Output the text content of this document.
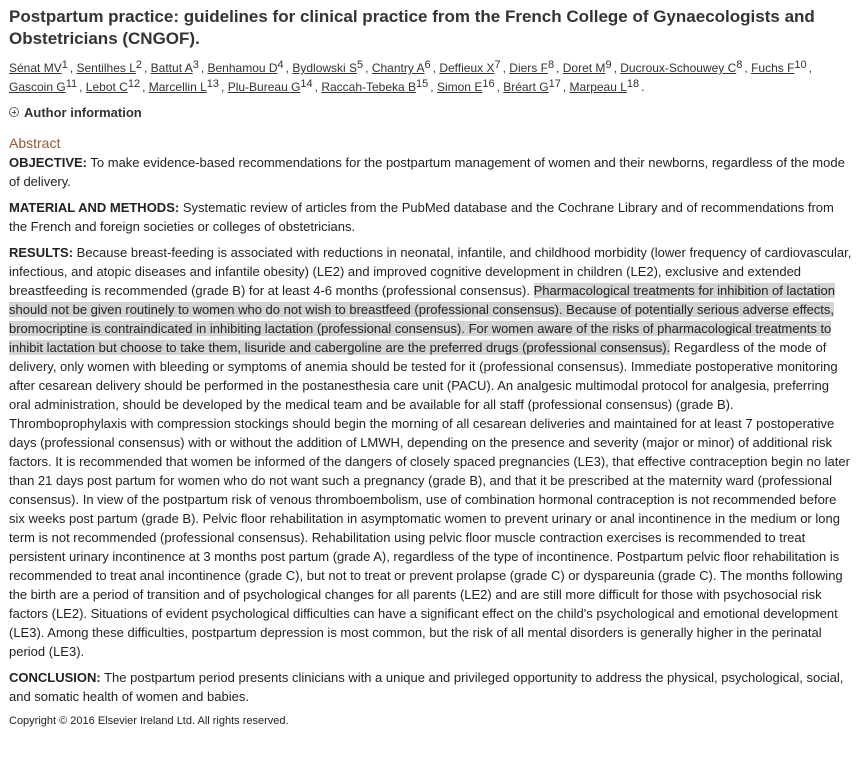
Postpartum practice: guidelines for clinical practice from the French College of Gynaecologists and Obstetricians (CNGOF).
Sénat $MV^1$ , Sentilhes $L^2$ , Battut $A^3$ , Benhamou $D^4$ , Bydlowski $S^5$ , Chantry $A^6$ , Deffieux $X^7$ , Diers $F^8$ , Doret $M^9$ , Ducroux-Schouwey $C^8$ , Fuchs $F^{10}$ , Gascoin $G^{11}$ , Lebot $C^{12}$ , Marcellin $L^{13}$ , Plu-Bureau $G^{14}$ , Raccah-Tebeka $B^{15}$ , Simon $E^{16}$ , Bréart $G^{17}$ , Marpeau $L^{18}$ .
Author information
Abstract

OBJECTIVE: To make evidence-based recommendations for the postpartum management of women and their newborns, regardless of the mode of delivery.

MATERIAL AND METHODS: Systematic review of articles from the PubMed database and the Cochrane Library and of recommendations from the French and foreign societies or colleges of obstetricians.

RESULTS: Because breast-feeding is associated with reductions in neonatal, infantile, and childhood morbidity (lower frequency of cardiovascular, infectious, and atopic diseases and infantile obesity) (LE2) and improved cognitive development in children (LE2), exclusive and extended breastfeeding is recommended (grade B) for at least 4-6 months (professional consensus). Pharmacological treatments for inhibition of lactation should not be given routinely to women who do not wish to breastfeed (professional consensus). Because of potentially serious adverse effects, bromocriptine is contraindicated in inhibiting lactation (professional consensus). For women aware of the risks of pharmacological treatments to inhibit lactation but choose to take them, lisuride and cabergoline are the preferred drugs (professional consensus). Regardless of the mode of delivery, only women with bleeding or symptoms of anemia should be tested for it (professional consensus). Immediate postoperative monitoring after cesarean delivery should be performed in the postanesthesia care unit (PACU). An analgesic multimodal protocol for analgesia, preferring oral administration, should be developed by the medical team and be available for all staff (professional consensus) (grade B). Thromboprophylaxis with compression stockings should begin the morning of all cesarean deliveries and maintained for at least 7 postoperative days (professional consensus) with or without the addition of LMWH, depending on the presence and severity (major or minor) of additional risk factors. It is recommended that women be informed of the dangers of closely spaced pregnancies (LE3), that effective contraception begin no later than 21 days post partum for women who do not want such a pregnancy (grade B), and that it be prescribed at the maternity ward (professional consensus). In view of the postpartum risk of venous thromboembolism, use of combination hormonal contraception is not recommended before six weeks post partum (grade B). Pelvic floor rehabilitation in asymptomatic women to prevent urinary or anal incontinence in the medium or long term is not recommended (professional consensus). Rehabilitation using pelvic floor muscle contraction exercises is recommended to treat persistent urinary incontinence at 3 months post partum (grade A), regardless of the type of incontinence. Postpartum pelvic floor rehabilitation is recommended to treat anal incontinence (grade C), but not to treat or prevent prolapse (grade C) or dyspareunia (grade C). The months following the birth are a period of transition and of psychological changes for all parents (LE2) and are still more difficult for those with psychosocial risk factors (LE2). Situations of evident psychological difficulties can have a significant effect on the child's psychological and emotional development (LE3). Among these difficulties, postpartum depression is most common, but the risk of all mental disorders is generally higher in the perinatal period (LE3).

CONCLUSION: The postpartum period presents clinicians with a unique and privileged opportunity to address the physical, psychological, social, and somatic health of women and babies.

Copyright © 2016 Elsevier Ireland Ltd. All rights reserved.
